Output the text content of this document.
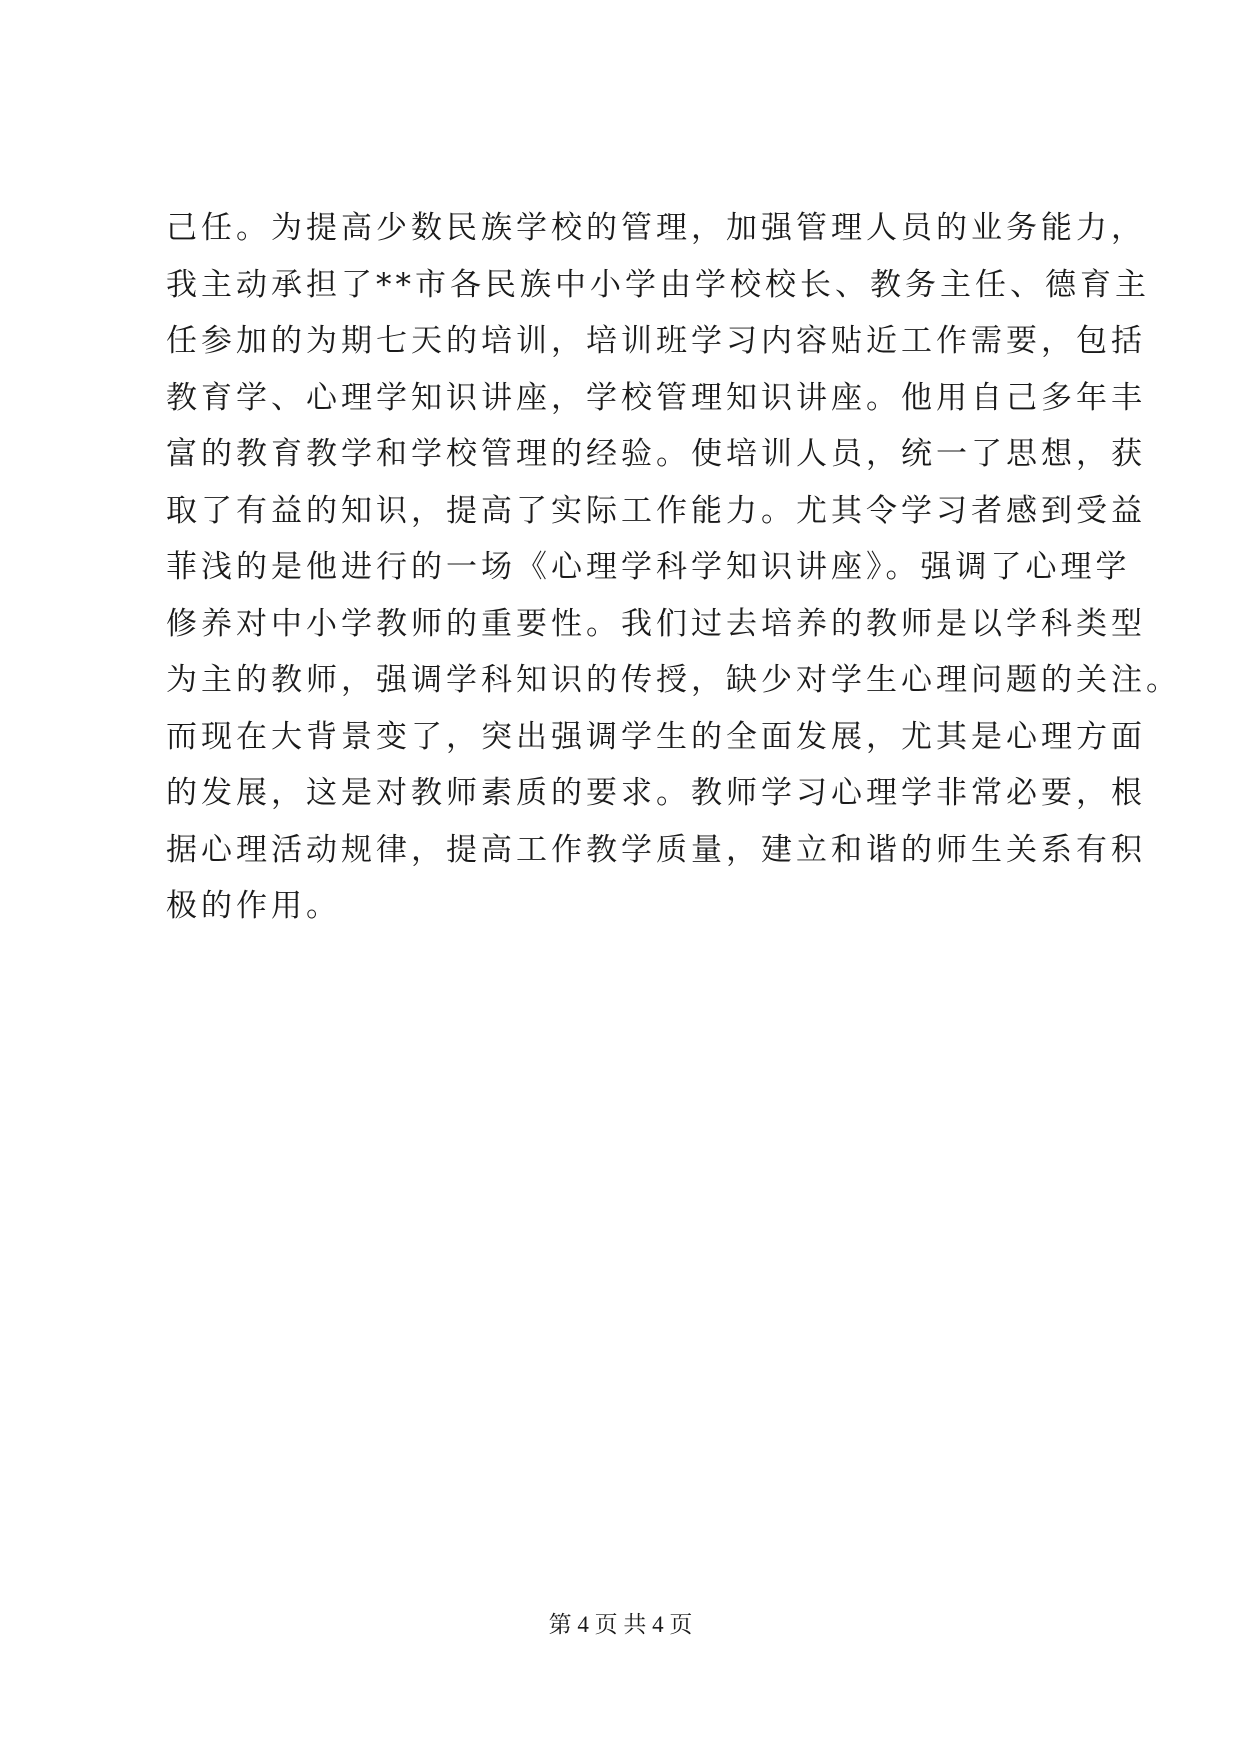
己任。为提高少数民族学校的管理，加强管理人员的业务能力，
我主动承担了**市各民族中小学由学校校长、教务主任、德育主
任参加的为期七天的培训，培训班学习内容贴近工作需要，包括
教育学、心理学知识讲座，学校管理知识讲座。他用自己多年丰
富的教育教学和学校管理的经验。使培训人员，统一了思想，获
取了有益的知识，提高了实际工作能力。尤其令学习者感到受益
菲浅的是他进行的一场《心理学科学知识讲座》。强调了心理学
修养对中小学教师的重要性。我们过去培养的教师是以学科类型
为主的教师，强调学科知识的传授，缺少对学生心理问题的关注。
而现在大背景变了，突出强调学生的全面发展，尤其是心理方面
的发展，这是对教师素质的要求。教师学习心理学非常必要，根
据心理活动规律，提高工作教学质量，建立和谐的师生关系有积
极的作用。
第 4 页 共 4 页
